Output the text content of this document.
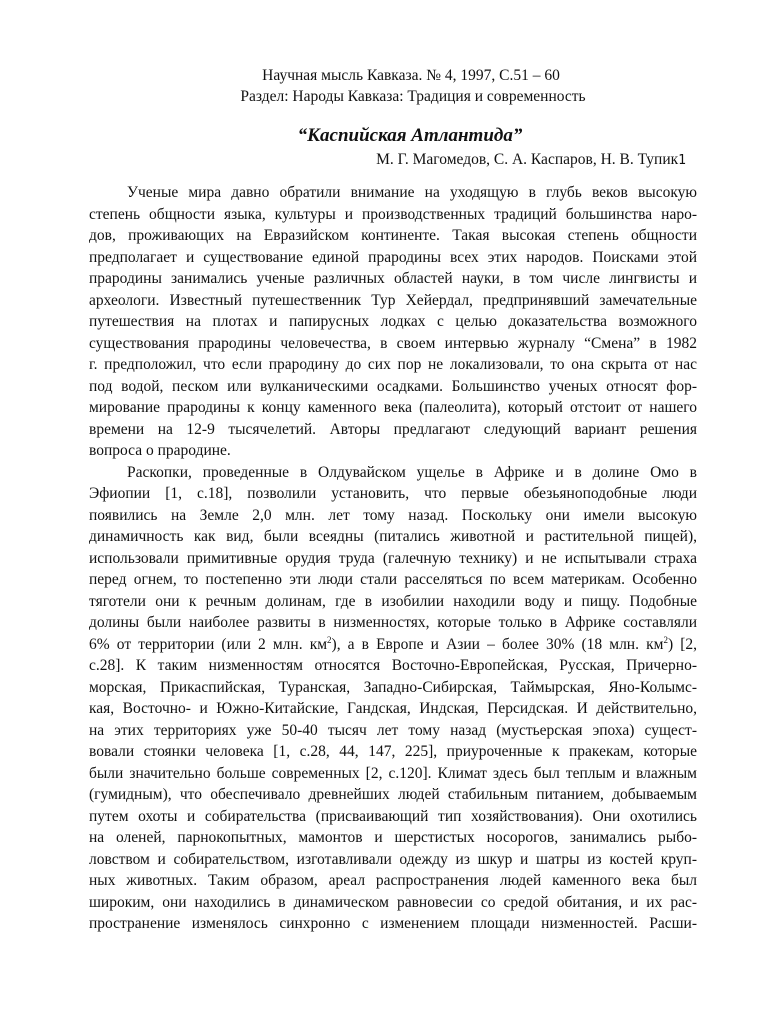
Научная мысль Кавказа. № 4, 1997, С.51 – 60
Раздел: Народы Кавказа: Традиция и современность
“Каспийская Атлантида”
М. Г. Магомедов, С. А. Каспаров, Н. В. Тупик1
Ученые мира давно обратили внимание на уходящую в глубь веков высокую
степень общности языка, культуры и производственных традиций большинства наро-
дов, проживающих на Евразийском континенте. Такая высокая степень общности
предполагает и существование единой прародины всех этих народов. Поисками этой
прародины занимались ученые различных областей науки, в том числе лингвисты и
археологи. Известный путешественник Тур Хейердал, предпринявший замечательные
путешествия на плотах и папирусных лодках с целью доказательства возможного
существования прародины человечества, в своем интервью журналу “Смена” в 1982
г. предположил, что если прародину до сих пор не локализовали, то она скрыта от нас
под водой, песком или вулканическими осадками. Большинство ученых относят фор-
мирование прародины к концу каменного века (палеолита), который отстоит от нашего
времени на 12-9 тысячелетий. Авторы предлагают следующий вариант решения
вопроса о прародине.
Раскопки, проведенные в Олдувайском ущелье в Африке и в долине Омо в
Эфиопии [1, с.18], позволили установить, что первые обезьяноподобные люди
появились на Земле 2,0 млн. лет тому назад. Поскольку они имели высокую
динамичность как вид, были всеядны (питались животной и растительной пищей),
использовали примитивные орудия труда (галечную технику) и не испытывали страха
перед огнем, то постепенно эти люди стали расселяться по всем материкам. Особенно
тяготели они к речным долинам, где в изобилии находили воду и пищу. Подобные
долины были наиболее развиты в низменностях, которые только в Африке составляли
6% от территории (или 2 млн. $км^2$), а в Европе и Азии – более 30% (18 млн. $км^2$) [2,
с.28]. К таким низменностям относятся Восточно-Европейская, Русская, Причерно-
морская, Прикаспийская, Туранская, Западно-Сибирская, Таймырская, Яно-Колымс-
кая, Восточно- и Южно-Китайские, Гандская, Индская, Персидская. И действительно,
на этих территориях уже 50-40 тысяч лет тому назад (мустьерская эпоха) сущест-
вовали стоянки человека [1, с.28, 44, 147, 225], приуроченные к пракекам, которые
были значительно больше современных [2, с.120]. Климат здесь был теплым и влажным
(гумидным), что обеспечивало древнейших людей стабильным питанием, добываемым
путем охоты и собирательства (присваивающий тип хозяйствования). Они охотились
на оленей, парнокопытных, мамонтов и шерстистых носорогов, занимались рыбо-
ловством и собирательством, изготавливали одежду из шкур и шатры из костей круп-
ных животных. Таким образом, ареал распространения людей каменного века был
широким, они находились в динамическом равновесии со средой обитания, и их рас-
пространение изменялось синхронно с изменением площади низменностей. Расши-
